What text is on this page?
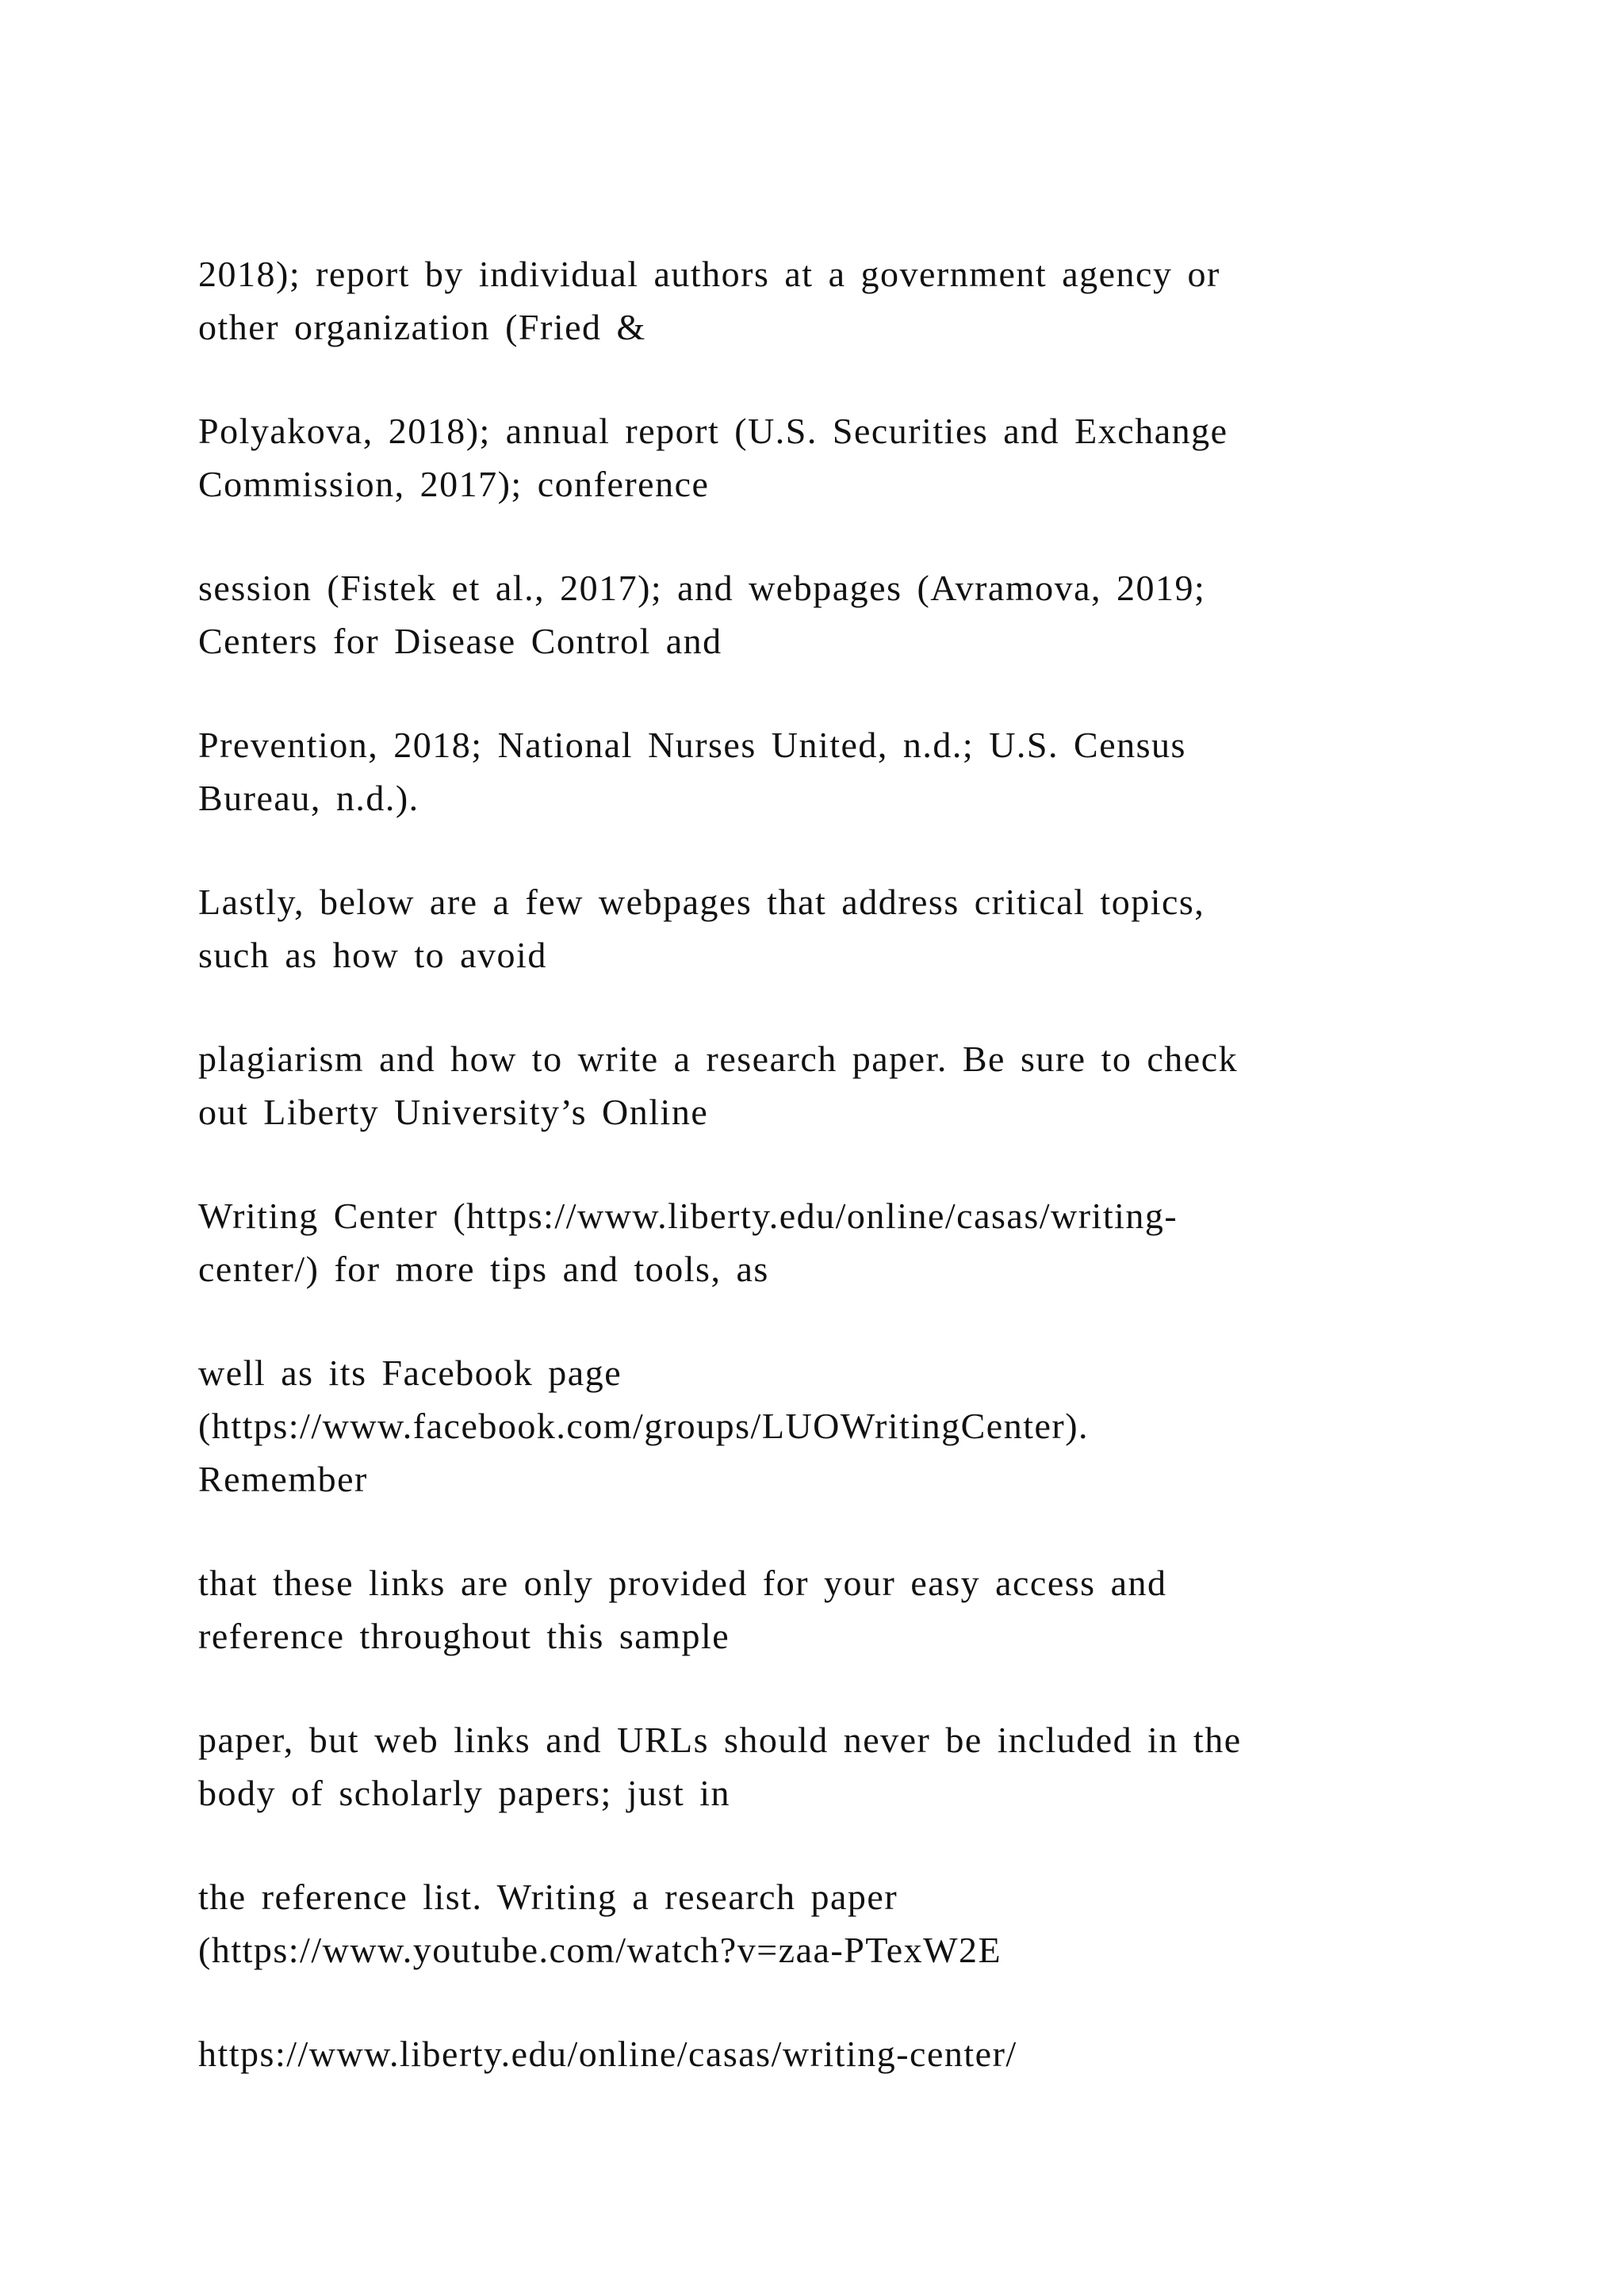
2018); report by individual authors at a government agency or
other organization (Fried &

Polyakova, 2018); annual report (U.S. Securities and Exchange
Commission, 2017); conference

session (Fistek et al., 2017); and webpages (Avramova, 2019;
Centers for Disease Control and

Prevention, 2018; National Nurses United, n.d.; U.S. Census
Bureau, n.d.).

Lastly, below are a few webpages that address critical topics,
such as how to avoid

plagiarism and how to write a research paper. Be sure to check
out Liberty University’s Online

Writing Center (https://www.liberty.edu/online/casas/writing-
center/) for more tips and tools, as

well as its Facebook page
(https://www.facebook.com/groups/LUOWritingCenter).
Remember

that these links are only provided for your easy access and
reference throughout this sample

paper, but web links and URLs should never be included in the
body of scholarly papers; just in

the reference list. Writing a research paper
(https://www.youtube.com/watch?v=zaa-PTexW2E

https://www.liberty.edu/online/casas/writing-center/
